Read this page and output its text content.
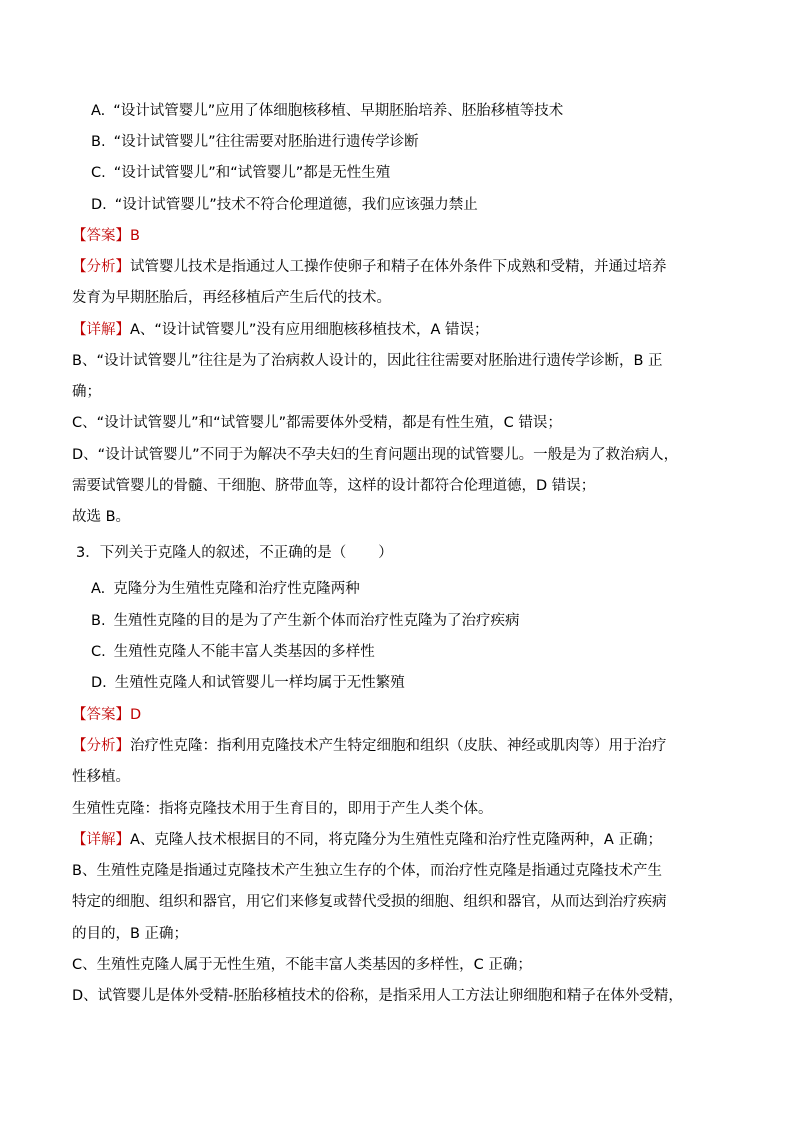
A. “设计试管婴儿”应用了体细胞核移植、早期胚胎培养、胚胎移植等技术
B. “设计试管婴儿”往往需要对胚胎进行遗传学诊断
C. “设计试管婴儿”和“试管婴儿”都是无性生殖
D. “设计试管婴儿”技术不符合伦理道德，我们应该强力禁止
【答案】B
【分析】试管婴儿技术是指通过人工操作使卵子和精子在体外条件下成熟和受精，并通过培养
发育为早期胚胎后，再经移植后产生后代的技术。
【详解】A、“设计试管婴儿”没有应用细胞核移植技术，A 错误；
B、“设计试管婴儿”往往是为了治病救人设计的，因此往往需要对胚胎进行遗传学诊断，B 正
确；
C、“设计试管婴儿”和“试管婴儿”都需要体外受精，都是有性生殖，C 错误；
D、“设计试管婴儿”不同于为解决不孕夫妇的生育问题出现的试管婴儿。一般是为了救治病人，
需要试管婴儿的骨髓、干细胞、脐带血等，这样的设计都符合伦理道德，D 错误；
故选 B。
3．下列关于克隆人的叙述，不正确的是（ ）
A. 克隆分为生殖性克隆和治疗性克隆两种
B. 生殖性克隆的目的是为了产生新个体而治疗性克隆为了治疗疾病
C. 生殖性克隆人不能丰富人类基因的多样性
D. 生殖性克隆人和试管婴儿一样均属于无性繁殖
【答案】D
【分析】治疗性克隆：指利用克隆技术产生特定细胞和组织（皮肤、神经或肌肉等）用于治疗
性移植。
生殖性克隆：指将克隆技术用于生育目的，即用于产生人类个体。
【详解】A、克隆人技术根据目的不同，将克隆分为生殖性克隆和治疗性克隆两种，A 正确；
B、生殖性克隆是指通过克隆技术产生独立生存的个体，而治疗性克隆是指通过克隆技术产生
特定的细胞、组织和器官，用它们来修复或替代受损的细胞、组织和器官，从而达到治疗疾病
的目的，B 正确；
C、生殖性克隆人属于无性生殖，不能丰富人类基因的多样性，C 正确；
D、试管婴儿是体外受精-胚胎移植技术的俗称，是指采用人工方法让卵细胞和精子在体外受精，
